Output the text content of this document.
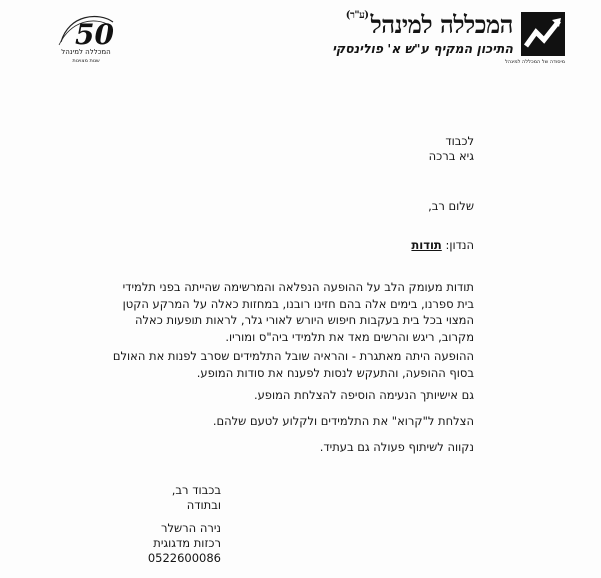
מיסודה של המכללה למינהל
המכללה למינהל$^{(ע"ר)}$
התיכון המקיף ע"ש א' פולינסקי
50
המכללה למינהל
שנות מצוינות
לכבוד
גיא ברכה
שלום רב,
הנדון: תודות
תודות מעומק הלב על ההופעה הנפלאה והמרשימה שהייתה בפני תלמידי
בית ספרנו, בימים אלה בהם חזינו רובנו, במחזות כאלה על המרקע הקטן
המצוי בכל בית בעקבות חיפוש היורש לאורי גלר, לראות תופעות כאלה
מקרוב, ריגש והרשים מאד את תלמידי ביה"ס ומוריו.
ההופעה היתה מאתגרת - והראיה שובל התלמידים שסרב לפנות את האולם
בסוף ההופעה, והתעקש לנסות לפענח את סודות המופע.
גם אישיותך הנעימה הוסיפה להצלחת המופע.
הצלחת ל"קרוא" את התלמידים ולקלוע לטעם שלהם.
נקווה לשיתוף פעולה גם בעתיד.
בכבוד רב,
ובתודה
נירה הרשלר
רכזות מדגוגית
0522600086
